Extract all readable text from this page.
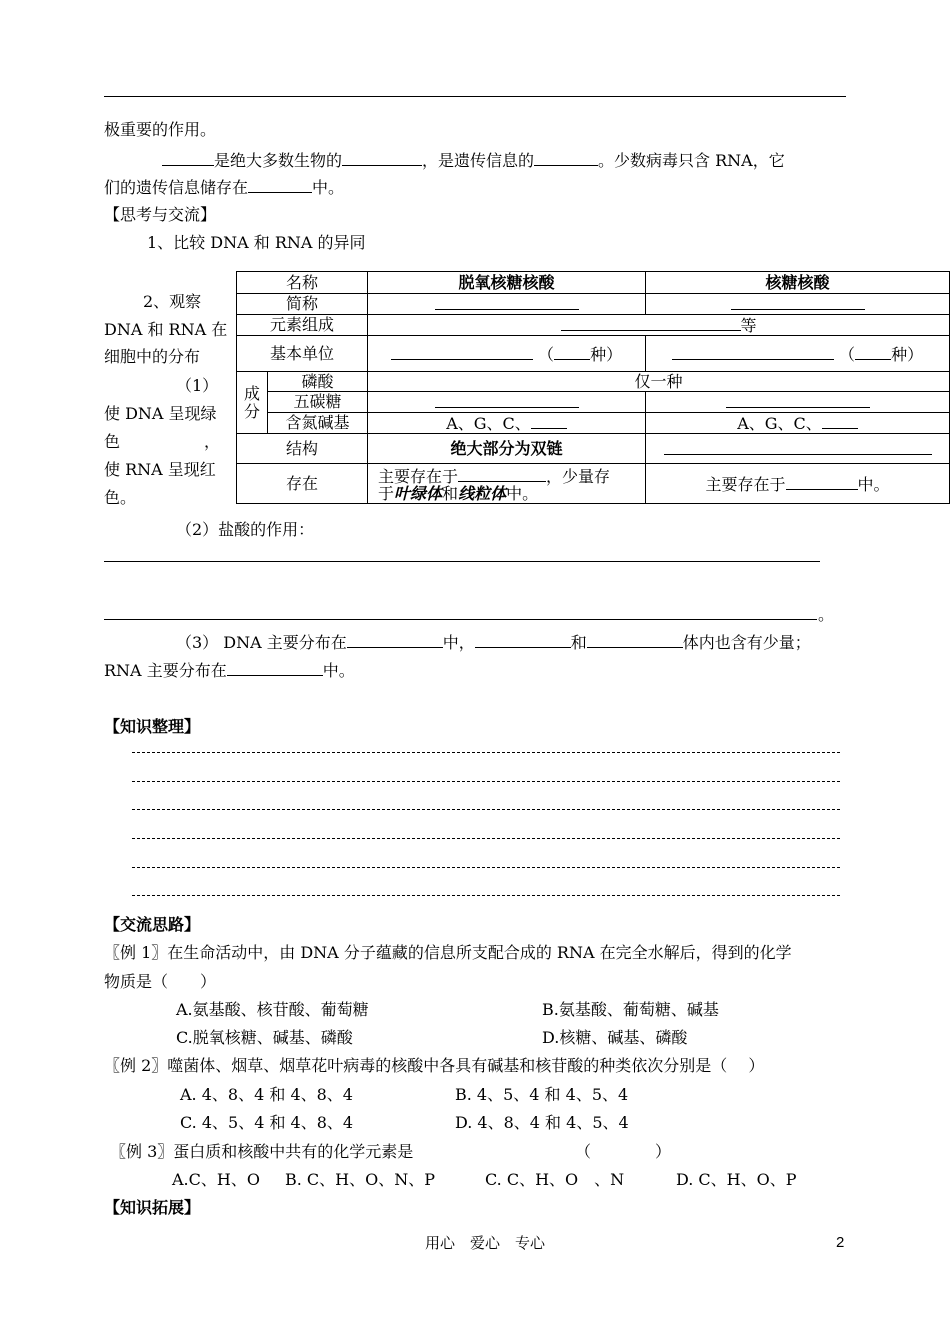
极重要的作用。
是绝大多数生物的	，是遗传信息的	。少数病毒只含 RNA，它
们的遗传信息储存在	中。
【思考与交流】
1、比较 DNA 和 RNA 的异同
2、观察
DNA 和 RNA 在
细胞中的分布
（1）
使 DNA 呈现绿
色	，
使 RNA 呈现红
色。
名称		脱氧核糖核酸	核糖核酸
简称			
元素组成		等	
基本单位		（ 种）	（ 种）
成
分	磷酸	仅一种	
	五碳糖		
	含氮碱基	A、G、C、	A、G、C、
结构		绝大部分为双链	
存在		主要存在于 ，少量存
于叶绿体和线粒体中。	主要存在于 中。
（2）盐酸的作用：
。
（3） DNA 主要分布在	中，	和	体内也含有少量；
RNA 主要分布在	中。
【知识整理】
【交流思路】
〖例 1〗在生命活动中，由 DNA 分子蕴藏的信息所支配合成的 RNA 在完全水解后，得到的化学
物质是（　　）
A.氨基酸、核苷酸、葡萄糖	B.氨基酸、葡萄糖、碱基
C.脱氧核糖、碱基、磷酸	D.核糖、碱基、磷酸
〖例 2〗噬菌体、烟草、烟草花叶病毒的核酸中各具有碱基和核苷酸的种类依次分别是（　 ）
A. 4、8、4 和 4、8、4	B. 4、5、4 和 4、5、4
C. 4、5、4 和 4、8、4	D. 4、8、4 和 4、5、4
〖例 3〗蛋白质和核酸中共有的化学元素是	（　　　　）
A.C、H、O B. C、H、O、N、P	C. C、H、O　、N	D. C、H、O、P
【知识拓展】
用心　爱心　专心	2
